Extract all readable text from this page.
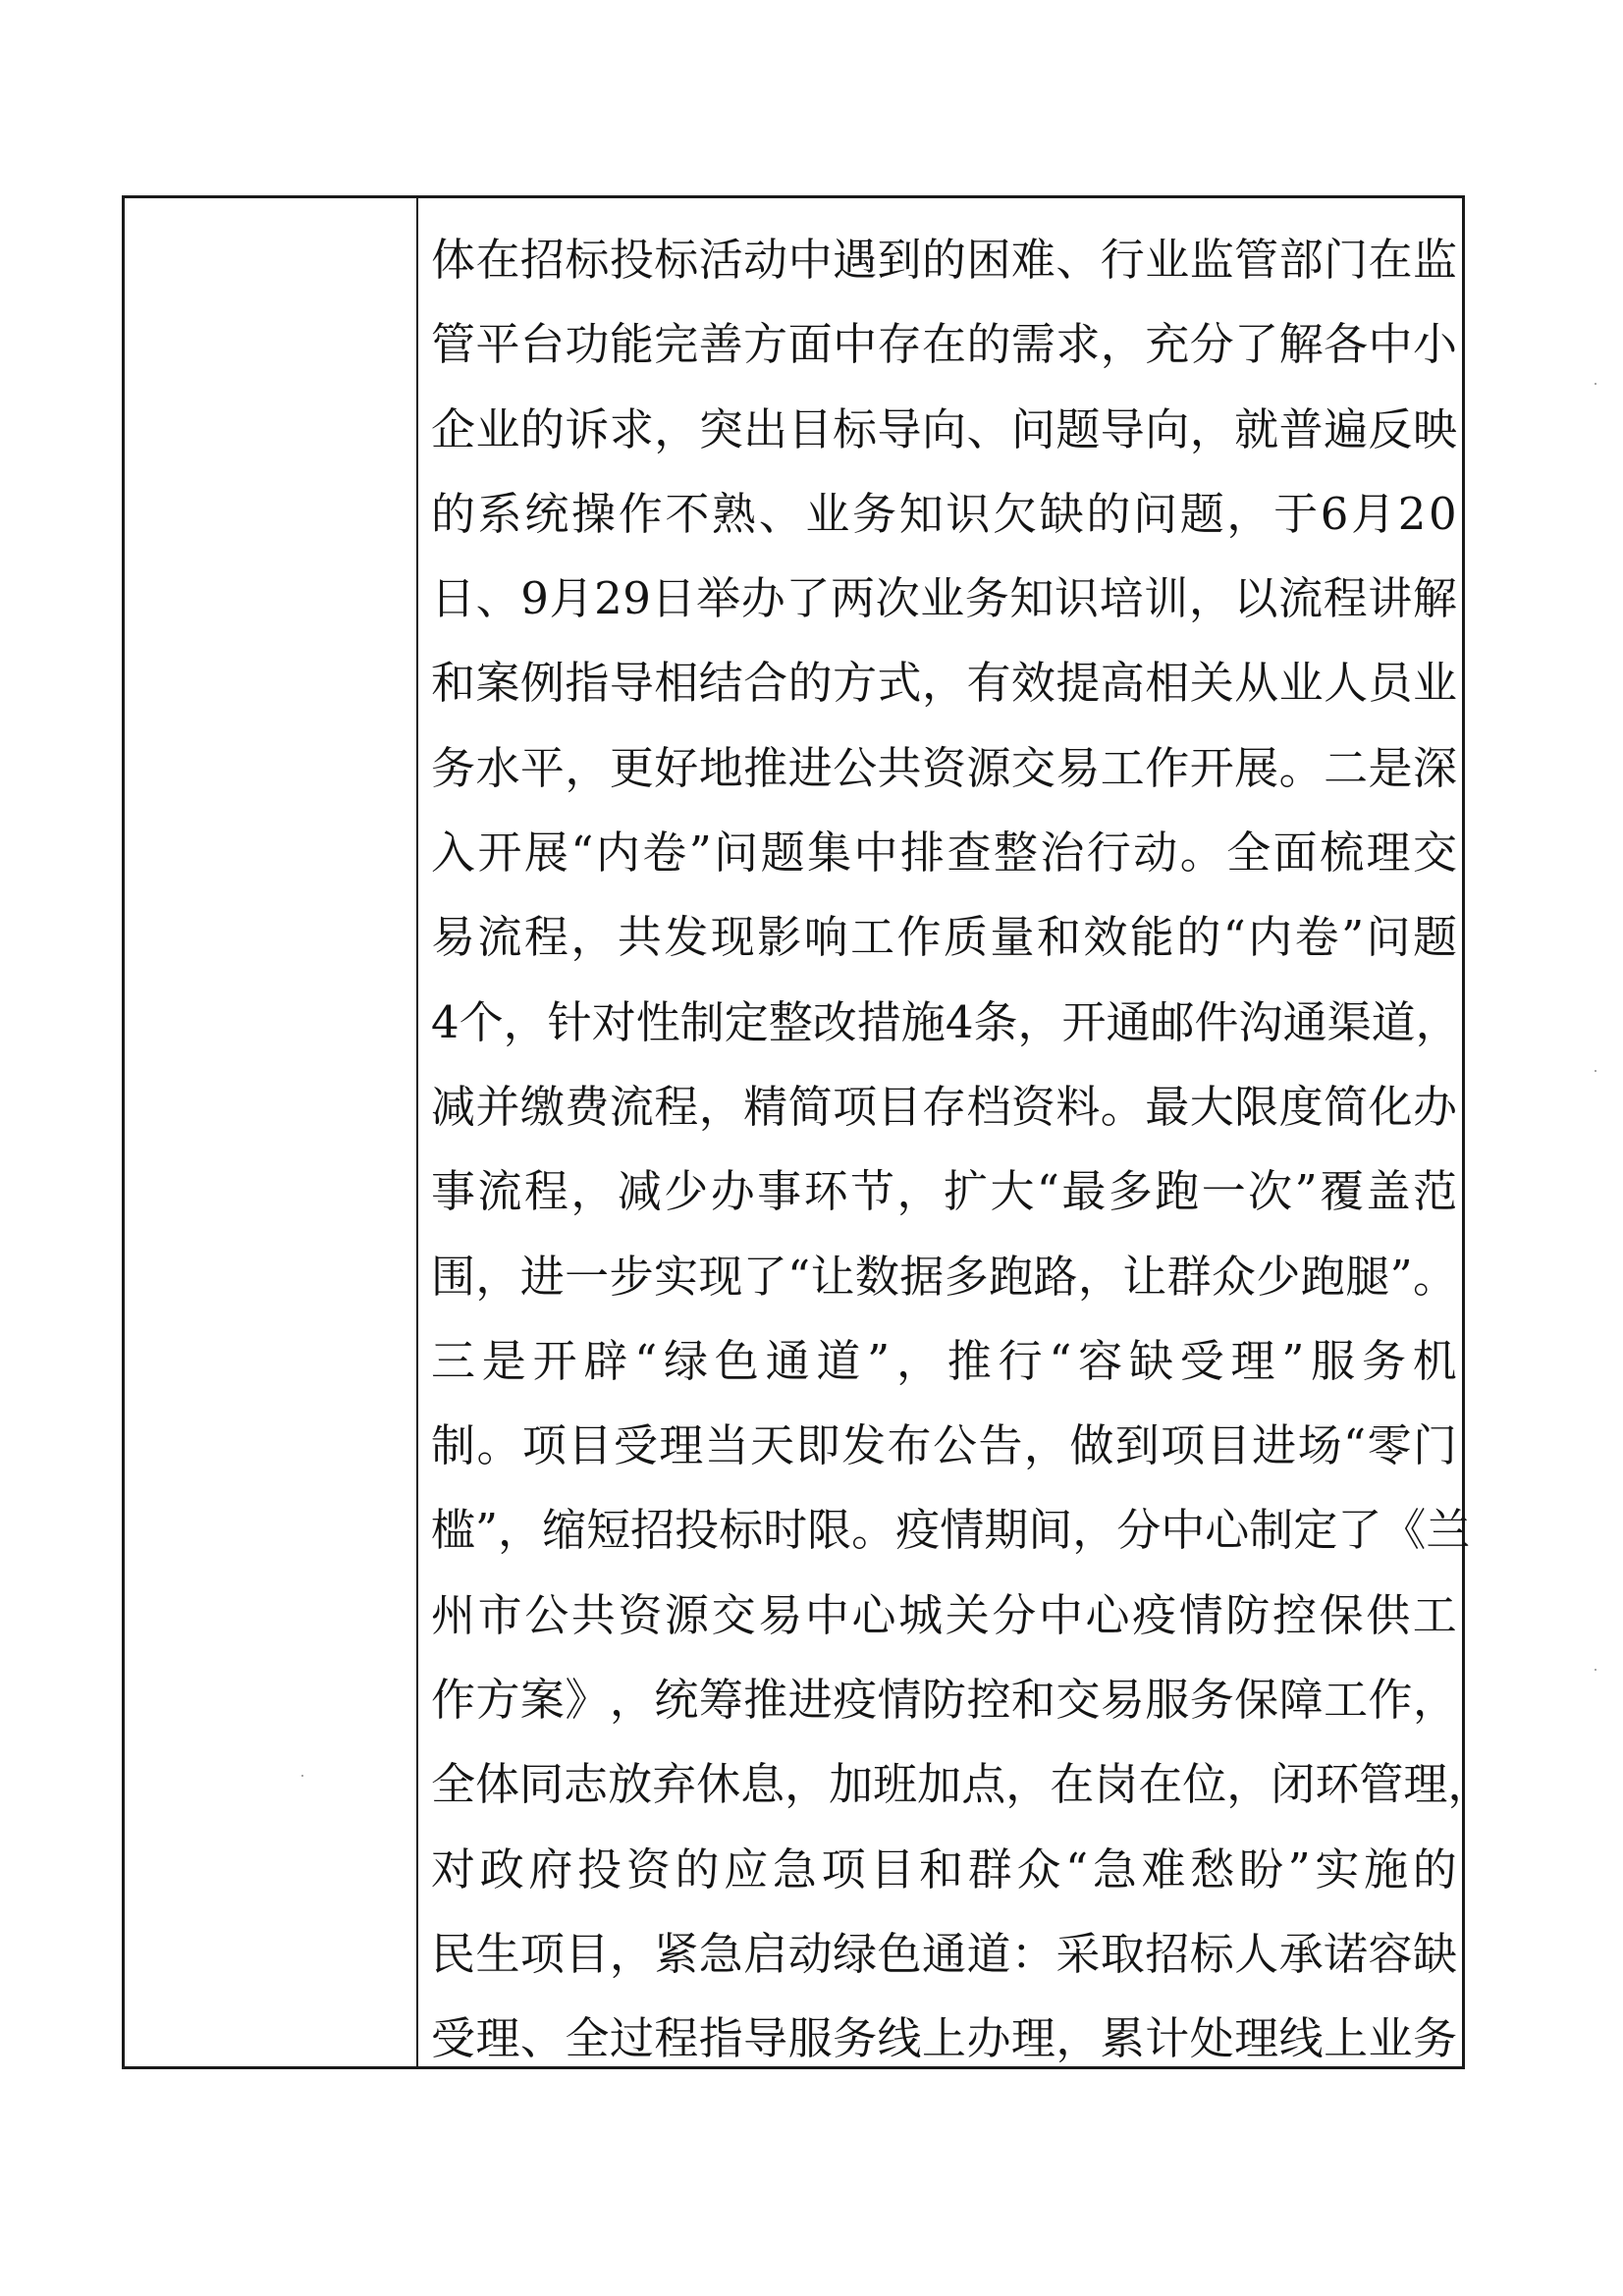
体 在 招 标 投 标 活 动 中 遇 到 的 困 难 、 行 业 监 管 部 门 在 监
管 平 台 功 能 完 善 方 面 中 存 在 的 需 求 ， 充 分 了 解 各 中 小
企 业 的 诉 求 ， 突 出 目 标 导 向 、 问 题 导 向 ， 就 普 遍 反 映
的 系 统 操 作 不 熟 、 业 务 知 识 欠 缺 的 问 题 ， 于 6 月 2 0
日 、 9 月 2 9 日 举 办 了 两 次 业 务 知 识 培 训 ， 以 流 程 讲 解
和 案 例 指 导 相 结 合 的 方 式 ， 有 效 提 高 相 关 从 业 人 员 业
务 水 平 ， 更 好 地 推 进 公 共 资 源 交 易 工 作 开 展 。 二 是 深
入 开 展 “ 内 卷 ” 问 题 集 中 排 查 整 治 行 动 。 全 面 梳 理 交
易 流 程 ， 共 发 现 影 响 工 作 质 量 和 效 能 的 “ 内 卷 ” 问 题
4 个 ， 针 对 性 制 定 整 改 措 施 4 条 ， 开 通 邮 件 沟 通 渠 道 ，
减 并 缴 费 流 程 ， 精 简 项 目 存 档 资 料 。 最 大 限 度 简 化 办
事 流 程 ， 减 少 办 事 环 节 ， 扩 大 “ 最 多 跑 一 次 ” 覆 盖 范
围 ， 进 一 步 实 现 了 “ 让 数 据 多 跑 路 ， 让 群 众 少 跑 腿 ” 。
三 是 开 辟 “ 绿 色 通 道 ” ， 推 行 “ 容 缺 受 理 ” 服 务 机
制 。 项 目 受 理 当 天 即 发 布 公 告 ， 做 到 项 目 进 场 “ 零 门
槛 ” ， 缩 短 招 投 标 时 限 。 疫 情 期 间 ， 分 中 心 制 定 了 《 兰
州 市 公 共 资 源 交 易 中 心 城 关 分 中 心 疫 情 防 控 保 供 工
作 方 案 》 ， 统 筹 推 进 疫 情 防 控 和 交 易 服 务 保 障 工 作 ，
全 体 同 志 放 弃 休 息 ， 加 班 加 点 ， 在 岗 在 位 ， 闭 环 管 理 ，
对 政 府 投 资 的 应 急 项 目 和 群 众 “ 急 难 愁 盼 ” 实 施 的
民 生 项 目 ， 紧 急 启 动 绿 色 通 道 ： 采 取 招 标 人 承 诺 容 缺
受 理 、 全 过 程 指 导 服 务 线 上 办 理 ， 累 计 处 理 线 上 业 务
